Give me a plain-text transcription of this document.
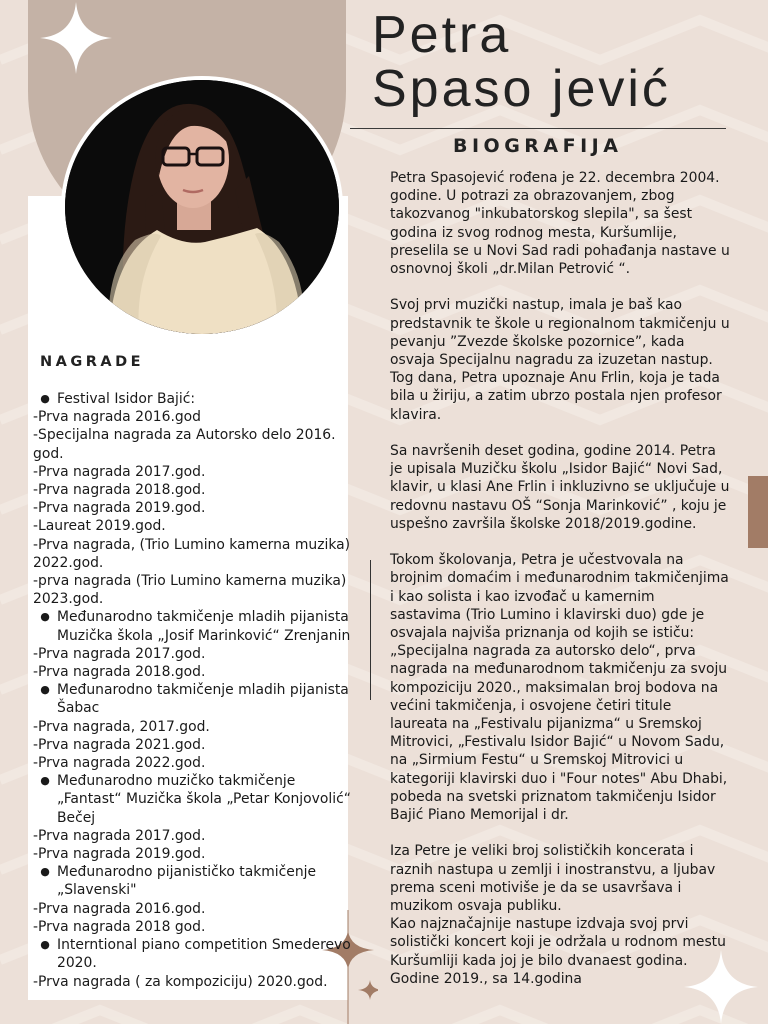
Petra
Spaso jević
BIOGRAFIJA

Petra Spasojević rođena je 22. decembra 2004. godine. U potrazi za obrazovanjem, zbog takozvanog "inkubatorskog slepila", sa šest godina iz svog rodnog mesta, Kuršumlije, preselila se u Novi Sad radi pohađanja nastave u osnovnoj školi „dr.Milan Petrović “.

Svoj prvi muzički nastup, imala je baš kao predstavnik te škole u regionalnom takmičenju u pevanju ”Zvezde školske pozornice”, kada osvaja Specijalnu nagradu za izuzetan nastup. Tog dana, Petra upoznaje Anu Frlin, koja je tada bila u žiriju, a zatim ubrzo postala njen profesor klavira.

Sa navršenih deset godina, godine 2014. Petra je upisala Muzičku školu „Isidor Bajić“ Novi Sad, klavir, u klasi Ane Frlin i inkluzivno se uključuje u redovnu nastavu OŠ “Sonja Marinković” , koju je uspešno završila školske 2018/2019.godine.

Tokom školovanja, Petra je učestvovala na brojnim domaćim i međunarodnim takmičenjima i kao solista i kao izvođač u kamernim sastavima (Trio Lumino i klavirski duo) gde je osvajala najviša priznanja od kojih se ističu: „Specijalna nagrada za autorsko delo“, prva nagrada na međunarodnom takmičenju za svoju kompoziciju 2020., maksimalan broj bodova na većini takmičenja, i osvojene četiri titule laureata na „Festivalu pijanizma“ u Sremskoj Mitrovici, „Festivalu Isidor Bajić“ u Novom Sadu, na „Sirmium Festu“ u Sremskoj Mitrovici u kategoriji klavirski duo i "Four notes" Abu Dhabi, pobeda na svetski priznatom takmičenju Isidor Bajić Piano Memorijal i dr.

Iza Petre je veliki broj solističkih koncerata i raznih nastupa u zemlji i inostranstvu, a ljubav prema sceni motiviše je da se usavršava i muzikom osvaja publiku.

Kao najznačajnije nastupe izdvaja svoj prvi solistički koncert koji je održala u rodnom mestu Kuršumliji kada joj je bilo dvanaest godina. Godine 2019., sa 14.godina

NAGRADE
● Festival Isidor Bajić:
-Prva nagrada 2016.god
-Specijalna nagrada za Autorsko delo 2016. god.
-Prva nagrada 2017.god.
-Prva nagrada 2018.god.
-Prva nagrada 2019.god.
-Laureat 2019.god.
-Prva nagrada, (Trio Lumino kamerna muzika) 2022.god.
-prva nagrada (Trio Lumino kamerna muzika) 2023.god.
● Međunarodno takmičenje mladih pijanista Muzička škola „Josif Marinković“ Zrenjanin
-Prva nagrada 2017.god.
-Prva nagrada 2018.god.
● Međunarodno takmičenje mladih pijanista Šabac
-Prva nagrada, 2017.god.
-Prva nagrada 2021.god.
-Prva nagrada 2022.god.
● Međunarodno muzičko takmičenje „Fantast“ Muzička škola „Petar Konjovolić“ Bečej
-Prva nagrada 2017.god.
-Prva nagrada 2019.god.
● Međunarodno pijanističko takmičenje „Slavenski"
-Prva nagrada 2016.god.
-Prva nagrada 2018 god.
● Interntional piano competition Smederevo 2020.
-Prva nagrada ( za kompoziciju) 2020.god.
